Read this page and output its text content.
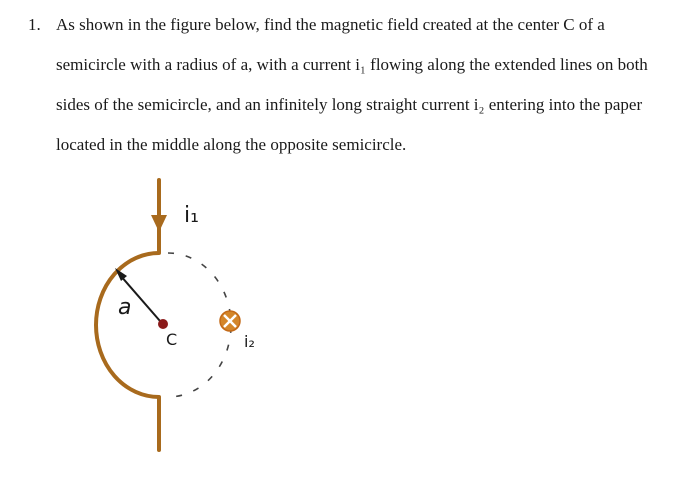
1. As shown in the figure below, find the magnetic field created at the center C of a
semicircle with a radius of a, with a current i₁ flowing along the extended lines on both
sides of the semicircle, and an infinitely long straight current i₂ entering into the paper
located in the middle along the opposite semicircle.
i₁
a
C	i₂
